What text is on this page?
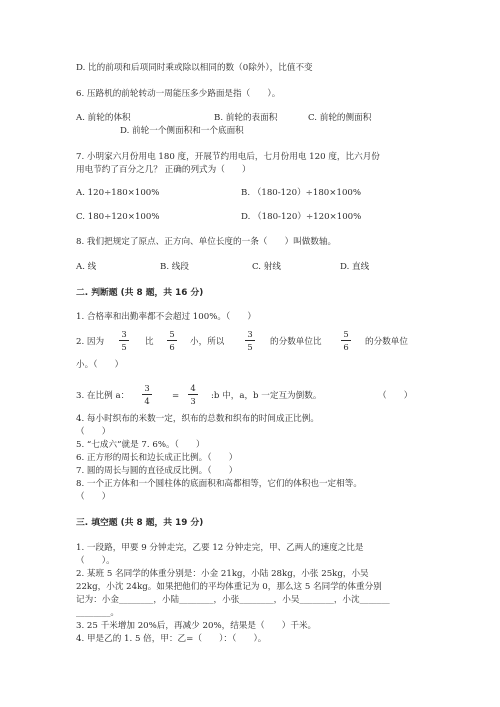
D. 比的前项和后项同时乘或除以相同的数（0除外），比值不变
6. 压路机的前轮转动一周能压多少路面是指（　　）。
A. 前轮的体积	B. 前轮的表面积	C. 前轮的侧面积
D. 前轮一个侧面积和一个底面积
7. 小明家六月份用电 180 度，开展节约用电后，七月份用电 120 度，比六月份
用电节约了百分之几？ 正确的列式为（　　）
A. 120÷180×100%	B. （180-120）÷180×100%
C. 180÷120×100%	D. （180-120）÷120×100%
8. 我们把规定了原点、正方向、单位长度的一条（　　）叫做数轴。
A. 线	B. 线段	C. 射线	D. 直线
二. 判断题 (共 8 题，共 16 分)
1. 合格率和出勤率都不会超过 100%。（　　）
2. 因为
3
5
比
5
6
小，所以
3
5
的分数单位比
5
6
的分数单位
小。（　　）
3. 在比例 a：
3
4
=
4
3
:b 中，a，b 一定互为倒数。	（　　）
4. 每小时织布的米数一定，织布的总数和织布的时间成正比例。
（　　）
5. “七成六”就是 7. 6%。（　　）
6. 正方形的周长和边长成正比例。（　　）
7. 圆的周长与圆的直径成反比例。（　　）
8. 一个正方体和一个圆柱体的底面积和高都相等，它们的体积也一定相等。
（　　）
三. 填空题 (共 8 题，共 19 分)
1. 一段路，甲要 9 分钟走完，乙要 12 分钟走完，甲、乙两人的速度之比是
（　　）。
2. 某班 5 名同学的体重分别是：小金 21kg，小陆 28kg，小张 25kg，小吴
22kg，小沈 24kg。如果把他们的平均体重记为 0，那么这 5 名同学的体重分别
记为：小金________，小陆________，小张________，小吴________，小沈_______
________。
3. 25 千米增加 20%后，再减少 20%，结果是（　　）千米。
4. 甲是乙的 1. 5 倍，甲：乙=（　　）：（　　）。
